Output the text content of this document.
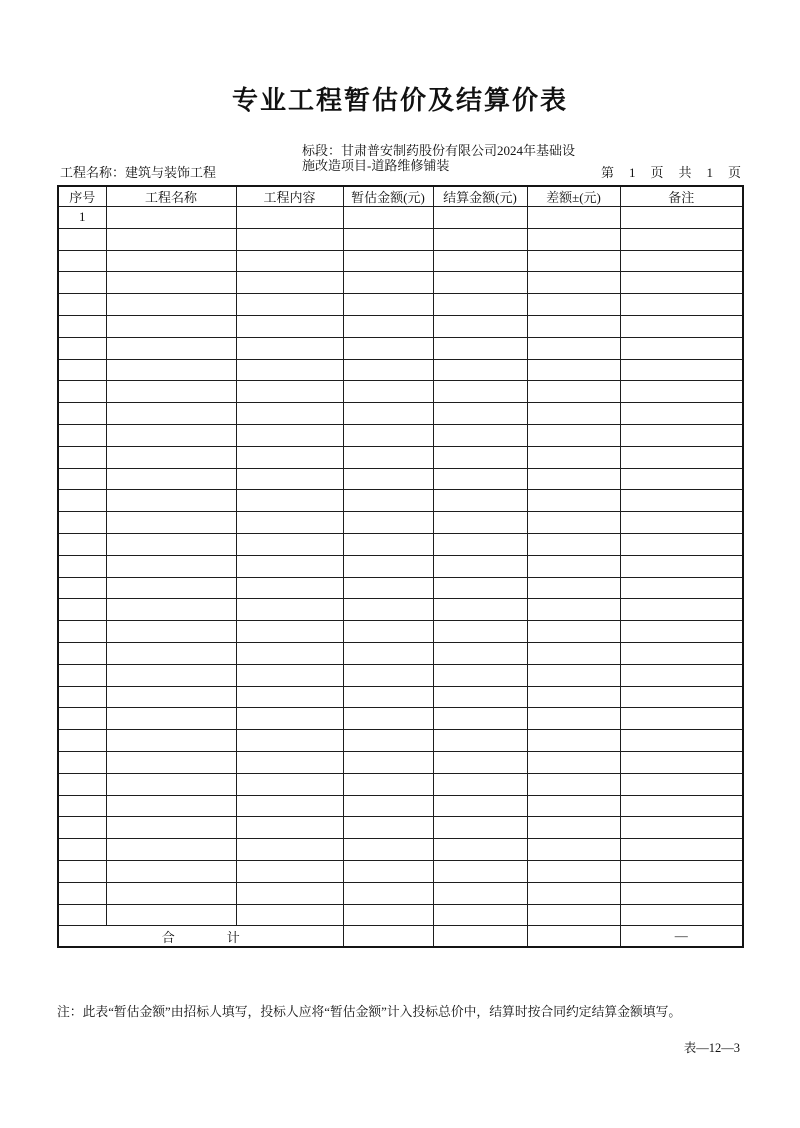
专业工程暂估价及结算价表
工程名称：建筑与装饰工程
标段：甘肃普安制药股份有限公司2024年基础设
施改造项目-道路维修铺装	第　1　页　共　1　页
序号	工程名称	工程内容	暂估金额(元)	结算金额(元)	差额±(元)	备注
1						

合　　　　计						—
注：此表“暂估金额”由招标人填写，投标人应将“暂估金额”计入投标总价中，结算时按合同约定结算金额填写。
表—12—3
